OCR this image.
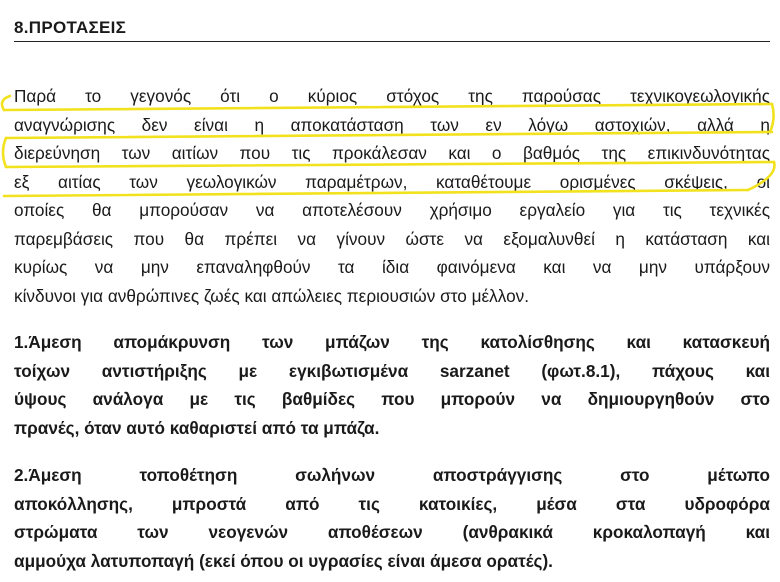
8.ΠΡΟΤΑΣΕΙΣ
Παρά το γεγονός ότι ο κύριος στόχος της παρούσας τεχνικογεωλογικής
αναγνώρισης δεν είναι η αποκατάσταση των εν λόγω αστοχιών, αλλά η
διερεύνηση των αιτίων που τις προκάλεσαν και ο βαθμός της επικινδυνότητας
εξ αιτίας των γεωλογικών παραμέτρων, καταθέτουμε ορισμένες σκέψεις, οι
οποίες θα μπορούσαν να αποτελέσουν χρήσιμο εργαλείο για τις τεχνικές
παρεμβάσεις που θα πρέπει να γίνουν ώστε να εξομαλυνθεί η κατάσταση και
κυρίως να μην επαναληφθούν τα ίδια φαινόμενα και να μην υπάρξουν
κίνδυνοι για ανθρώπινες ζωές και απώλειες περιουσιών στο μέλλον.
1.Άμεση απομάκρυνση των μπάζων της κατολίσθησης και κατασκευή
τοίχων αντιστήριξης με εγκιβωτισμένα sarzanet (φωτ.8.1), πάχους και
ύψους ανάλογα με τις βαθμίδες που μπορούν να δημιουργηθούν στο
πρανές, όταν αυτό καθαριστεί από τα μπάζα.
2.Άμεση τοποθέτηση σωλήνων αποστράγγισης στο μέτωπο
αποκόλλησης, μπροστά από τις κατοικίες, μέσα στα υδροφόρα
στρώματα των νεογενών αποθέσεων (ανθρακικά κροκαλοπαγή και
αμμούχα λατυποπαγή (εκεί όπου οι υγρασίες είναι άμεσα ορατές).
